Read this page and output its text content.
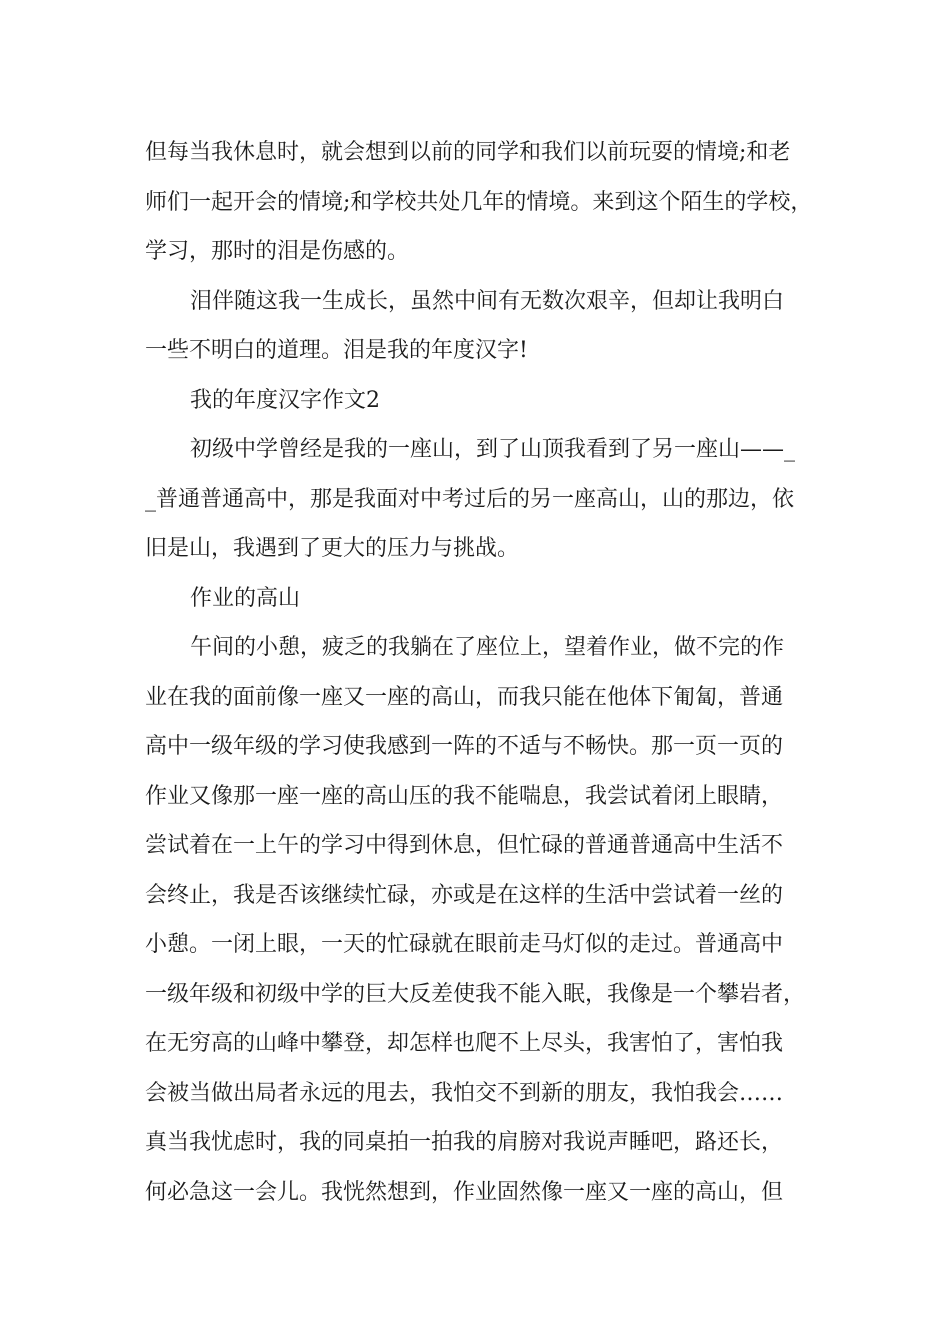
但每当我休息时，就会想到以前的同学和我们以前玩耍的情境;和老
师们一起开会的情境;和学校共处几年的情境。来到这个陌生的学校，
学习，那时的泪是伤感的。
泪伴随这我一生成长，虽然中间有无数次艰辛，但却让我明白
一些不明白的道理。泪是我的年度汉字!
我的年度汉字作文2
初级中学曾经是我的一座山，到了山顶我看到了另一座山——_
_普通普通高中，那是我面对中考过后的另一座高山，山的那边，依
旧是山，我遇到了更大的压力与挑战。
作业的高山
午间的小憩，疲乏的我躺在了座位上，望着作业，做不完的作
业在我的面前像一座又一座的高山，而我只能在他体下匍匐，普通
高中一级年级的学习使我感到一阵的不适与不畅快。那一页一页的
作业又像那一座一座的高山压的我不能喘息，我尝试着闭上眼睛，
尝试着在一上午的学习中得到休息，但忙碌的普通普通高中生活不
会终止，我是否该继续忙碌，亦或是在这样的生活中尝试着一丝的
小憩。一闭上眼，一天的忙碌就在眼前走马灯似的走过。普通高中
一级年级和初级中学的巨大反差使我不能入眠，我像是一个攀岩者，
在无穷高的山峰中攀登，却怎样也爬不上尽头，我害怕了，害怕我
会被当做出局者永远的甩去，我怕交不到新的朋友，我怕我会……
真当我忧虑时，我的同桌拍一拍我的肩膀对我说声睡吧，路还长，
何必急这一会儿。我恍然想到，作业固然像一座又一座的高山，但
